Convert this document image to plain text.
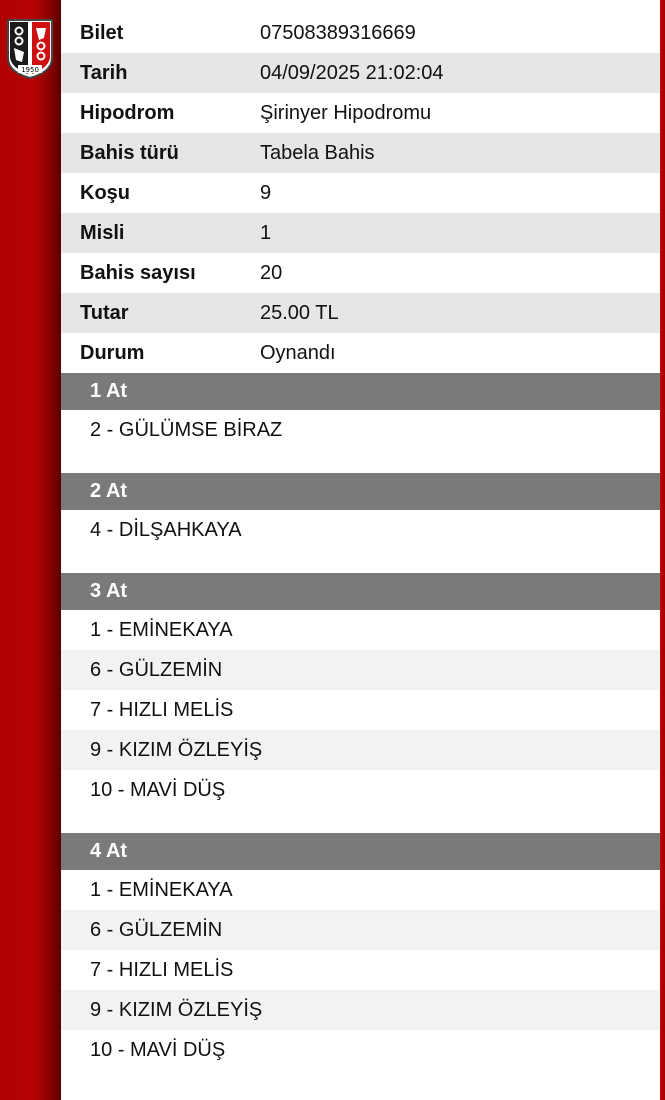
1950
Bilet	07508389316669
Tarih	04/09/2025 21:02:04
Hipodrom	Şirinyer Hipodromu
Bahis türü	Tabela Bahis
Koşu	9
Misli	1
Bahis sayısı	20
Tutar	25.00 TL
Durum	Oynandı
1 At
2 - GÜLÜMSE BİRAZ
2 At
4 - DİLŞAHKAYA
3 At
1 - EMİNEKAYA
6 - GÜLZEMİN
7 - HIZLI MELİS
9 - KIZIM ÖZLEYİŞ
10 - MAVİ DÜŞ
4 At
1 - EMİNEKAYA
6 - GÜLZEMİN
7 - HIZLI MELİS
9 - KIZIM ÖZLEYİŞ
10 - MAVİ DÜŞ
